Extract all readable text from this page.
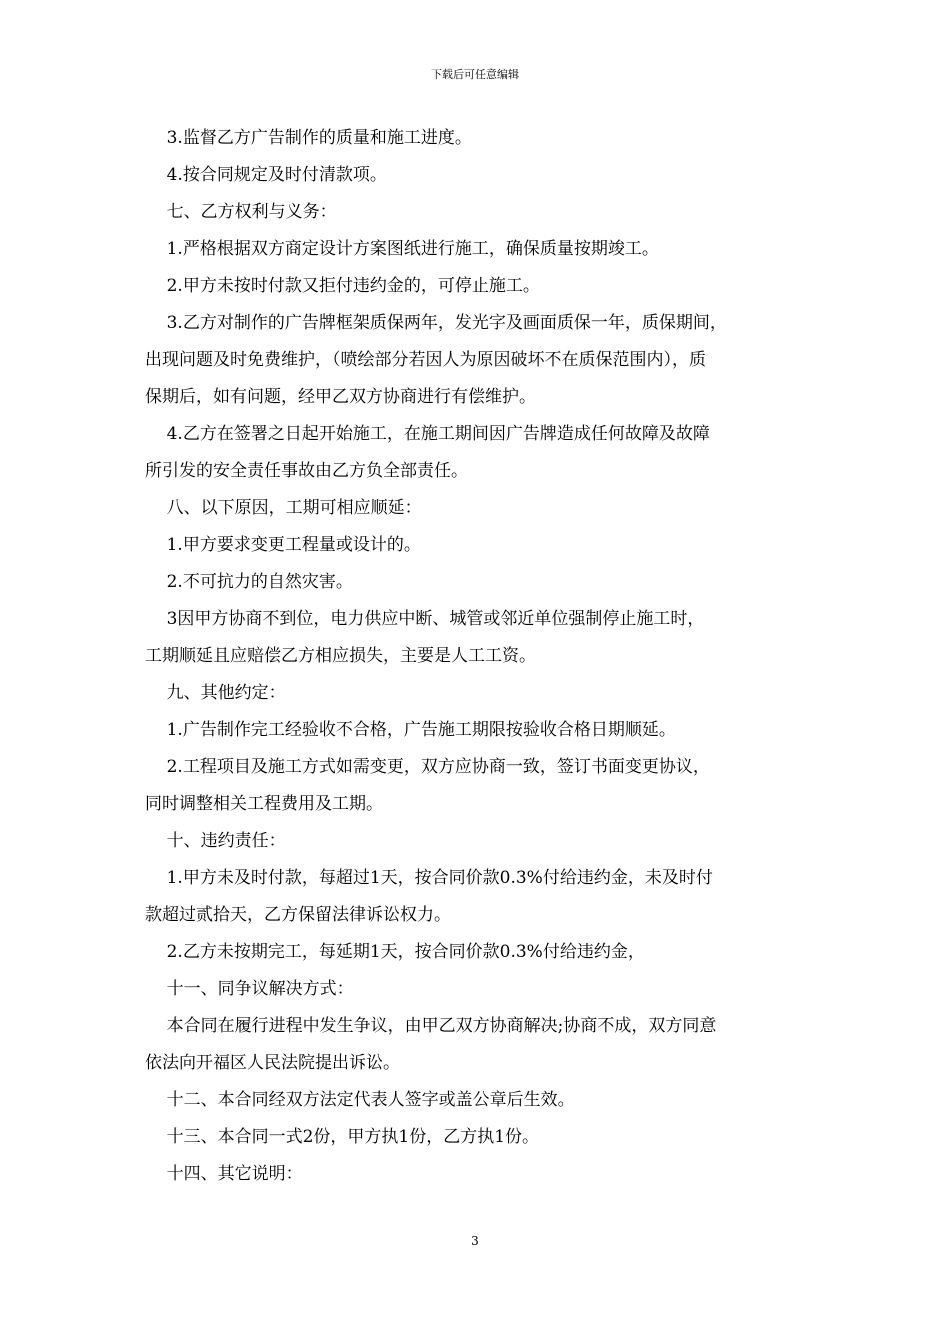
下载后可任意编辑

3.监督乙方广告制作的质量和施工进度。

4.按合同规定及时付清款项。

七、乙方权利与义务：

1.严格根据双方商定设计方案图纸进行施工，确保质量按期竣工。

2.甲方未按时付款又拒付违约金的，可停止施工。

3.乙方对制作的广告牌框架质保两年，发光字及画面质保一年，质保期间，

出现问题及时免费维护，（喷绘部分若因人为原因破坏不在质保范围内），质

保期后，如有问题，经甲乙双方协商进行有偿维护。

4.乙方在签署之日起开始施工，在施工期间因广告牌造成任何故障及故障

所引发的安全责任事故由乙方负全部责任。

八、以下原因，工期可相应顺延：

1.甲方要求变更工程量或设计的。

2.不可抗力的自然灾害。

3因甲方协商不到位，电力供应中断、城管或邻近单位强制停止施工时，

工期顺延且应赔偿乙方相应损失，主要是人工工资。

九、其他约定：

1.广告制作完工经验收不合格，广告施工期限按验收合格日期顺延。

2.工程项目及施工方式如需变更，双方应协商一致，签订书面变更协议，

同时调整相关工程费用及工期。

十、违约责任：

1.甲方未及时付款，每超过1天，按合同价款0.3%付给违约金，未及时付

款超过贰拾天，乙方保留法律诉讼权力。

2.乙方未按期完工，每延期1天，按合同价款0.3%付给违约金，

十一、同争议解决方式：

本合同在履行进程中发生争议，由甲乙双方协商解决;协商不成，双方同意

依法向开福区人民法院提出诉讼。

十二、本合同经双方法定代表人签字或盖公章后生效。

十三、本合同一式2份，甲方执1份，乙方执1份。

十四、其它说明：

3
